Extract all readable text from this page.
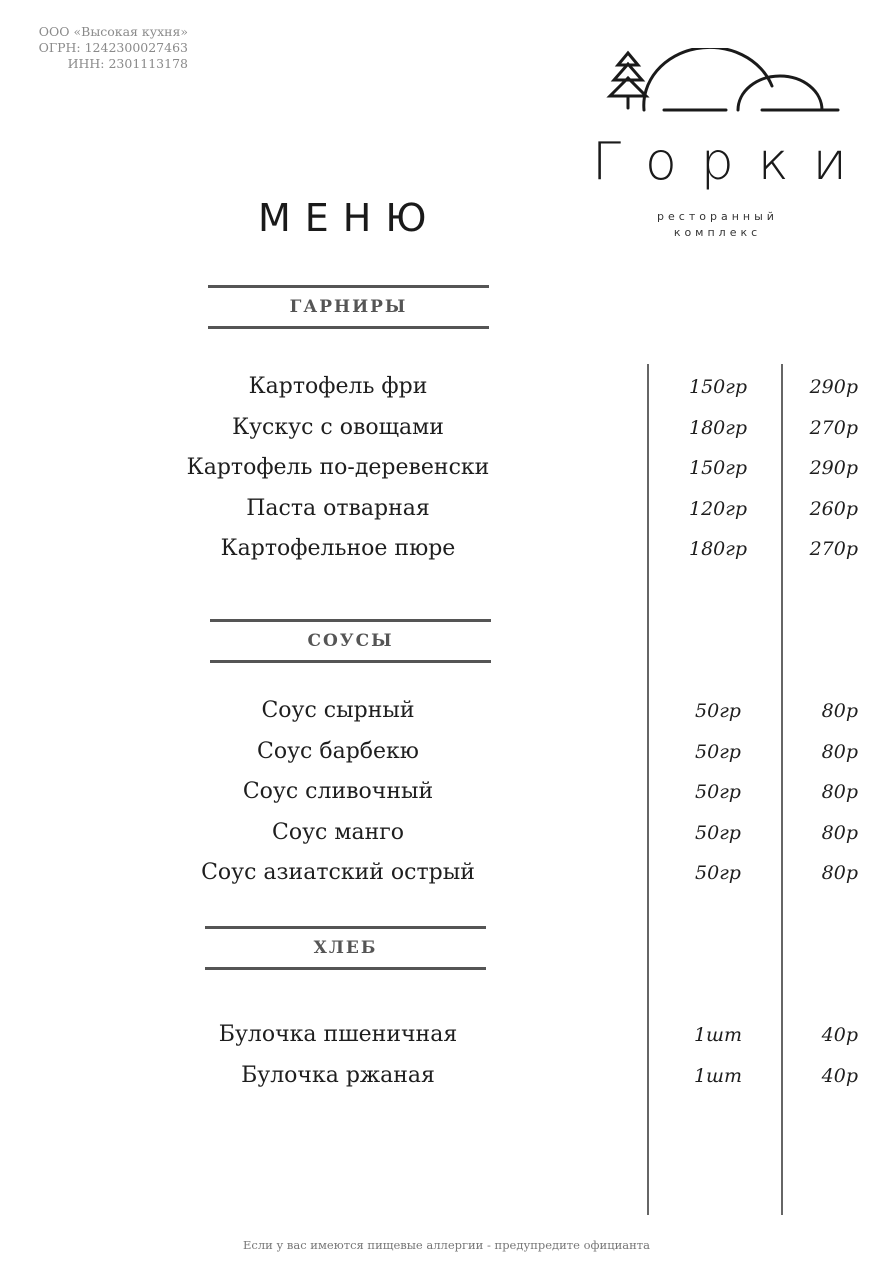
ООО «Высокая кухня»
ОГРН: 1242300027463
ИНН: 2301113178
Горки
ресторанный
комплекс
МЕНЮ
ГАРНИРЫ
Картофель фри	150гр	290р
Кускус с овощами	180гр	270р
Картофель по-деревенски	150гр	290р
Паста отварная	120гр	260р
Картофельное пюре	180гр	270р
СОУСЫ
Соус сырный	50гр	80р
Соус барбекю	50гр	80р
Соус сливочный	50гр	80р
Соус манго	50гр	80р
Соус азиатский острый	50гр	80р
ХЛЕБ
Булочка пшеничная	1шт	40р
Булочка ржаная	1шт	40р
Если у вас имеются пищевые аллергии - предупредите официанта
